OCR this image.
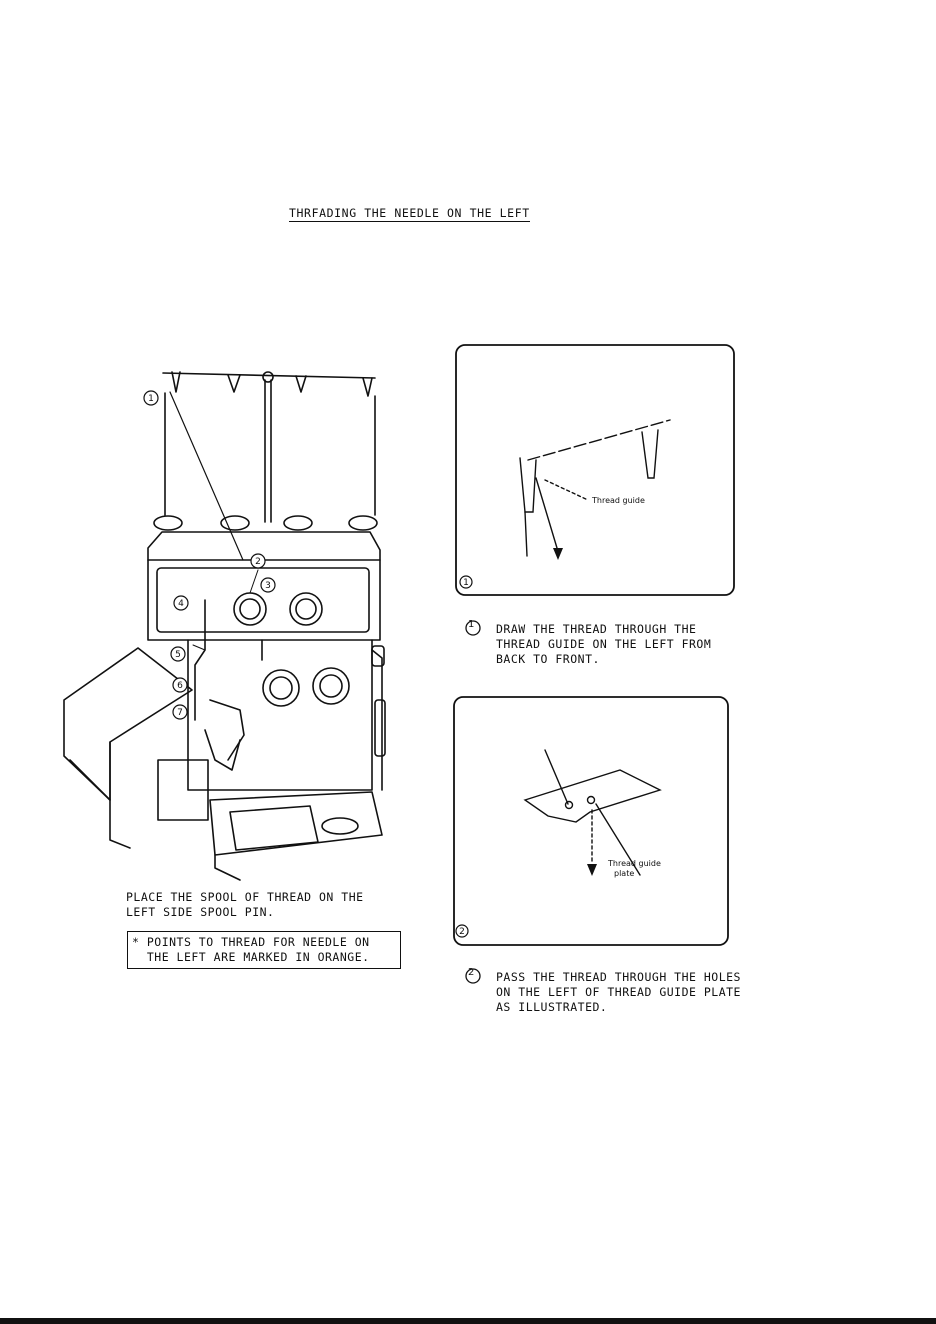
THRFADING THE NEEDLE ON THE LEFT
1
2
3
4
5
6
7
1
Thread guide
2
Thread guide
plate
1
2
PLACE THE SPOOL OF THREAD ON THE
LEFT SIDE SPOOL PIN.
* POINTS TO THREAD FOR NEEDLE ON
THE LEFT ARE MARKED IN ORANGE.
DRAW THE THREAD THROUGH THE
THREAD GUIDE ON THE LEFT FROM
BACK TO FRONT.
PASS THE THREAD THROUGH THE HOLES
ON THE LEFT OF THREAD GUIDE PLATE
AS ILLUSTRATED.
